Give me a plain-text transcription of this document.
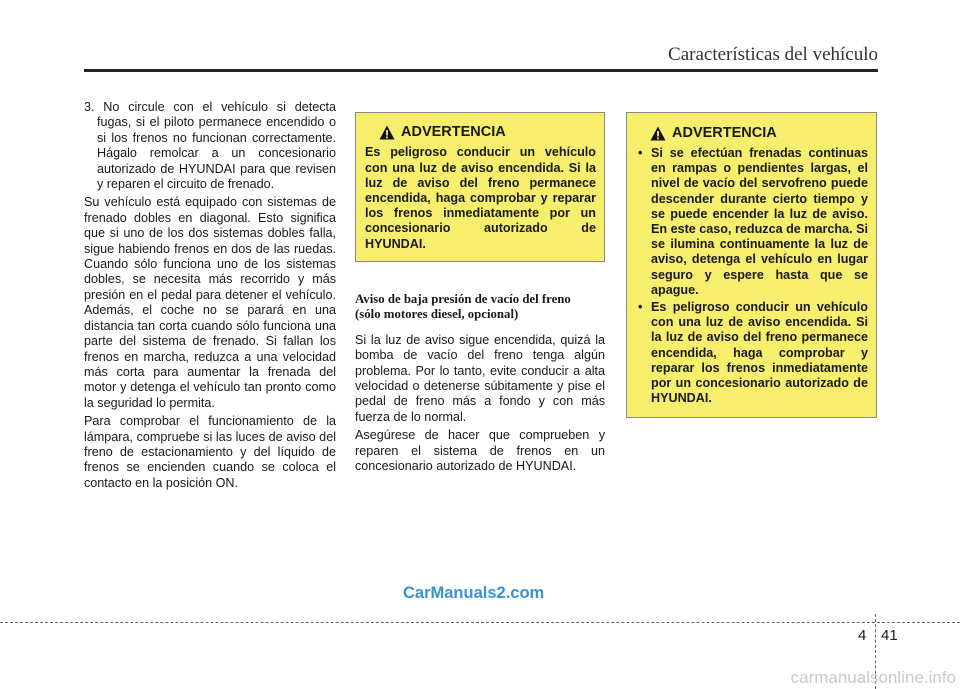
Características del vehículo

3. No circule con el vehículo si detecta fugas, si el piloto permanece encendido o si los frenos no funcionan correctamente. Hágalo remolcar a un concesionario autorizado de HYUNDAI para que revisen y reparen el circuito de frenado.

Su vehículo está equipado con sistemas de frenado dobles en diagonal. Esto significa que si uno de los dos sistemas dobles falla, sigue habiendo frenos en dos de las ruedas. Cuando sólo funciona uno de los sistemas dobles, se necesita más recorrido y más presión en el pedal para detener el vehículo. Además, el coche no se parará en una distancia tan corta cuando sólo funciona una parte del sistema de frenado. Si fallan los frenos en marcha, reduzca a una velocidad más corta para aumentar la frenada del motor y detenga el vehículo tan pronto como la seguridad lo permita.

Para comprobar el funcionamiento de la lámpara, compruebe si las luces de aviso del freno de estacionamiento y del líquido de frenos se encienden cuando se coloca el contacto en la posición ON.

ADVERTENCIA
Es peligroso conducir un vehículo con una luz de aviso encendida. Si la luz de aviso del freno permanece encendida, haga comprobar y reparar los frenos inmediatamente por un concesionario autorizado de HYUNDAI.
Aviso de baja presión de vacío del freno
(sólo motores diesel, opcional)

Si la luz de aviso sigue encendida, quizá la bomba de vacío del freno tenga algún problema. Por lo tanto, evite conducir a alta velocidad o detenerse súbitamente y pise el pedal de freno más a fondo y con más fuerza de lo normal.

Asegúrese de hacer que comprueben y reparen el sistema de frenos en un concesionario autorizado de HYUNDAI.

ADVERTENCIA
• Si se efectúan frenadas continuas en rampas o pendientes largas, el nivel de vacío del servofreno puede descender durante cierto tiempo y se puede encender la luz de aviso. En este caso, reduzca de marcha. Si se ilumina continuamente la luz de aviso, detenga el vehículo en lugar seguro y espere hasta que se apague.
• Es peligroso conducir un vehículo con una luz de aviso encendida. Si la luz de aviso del freno permanece encendida, haga comprobar y reparar los frenos inmediatamente por un concesionario autorizado de HYUNDAI.
CarManuals2.com
4 41
carmanualsonline.info
